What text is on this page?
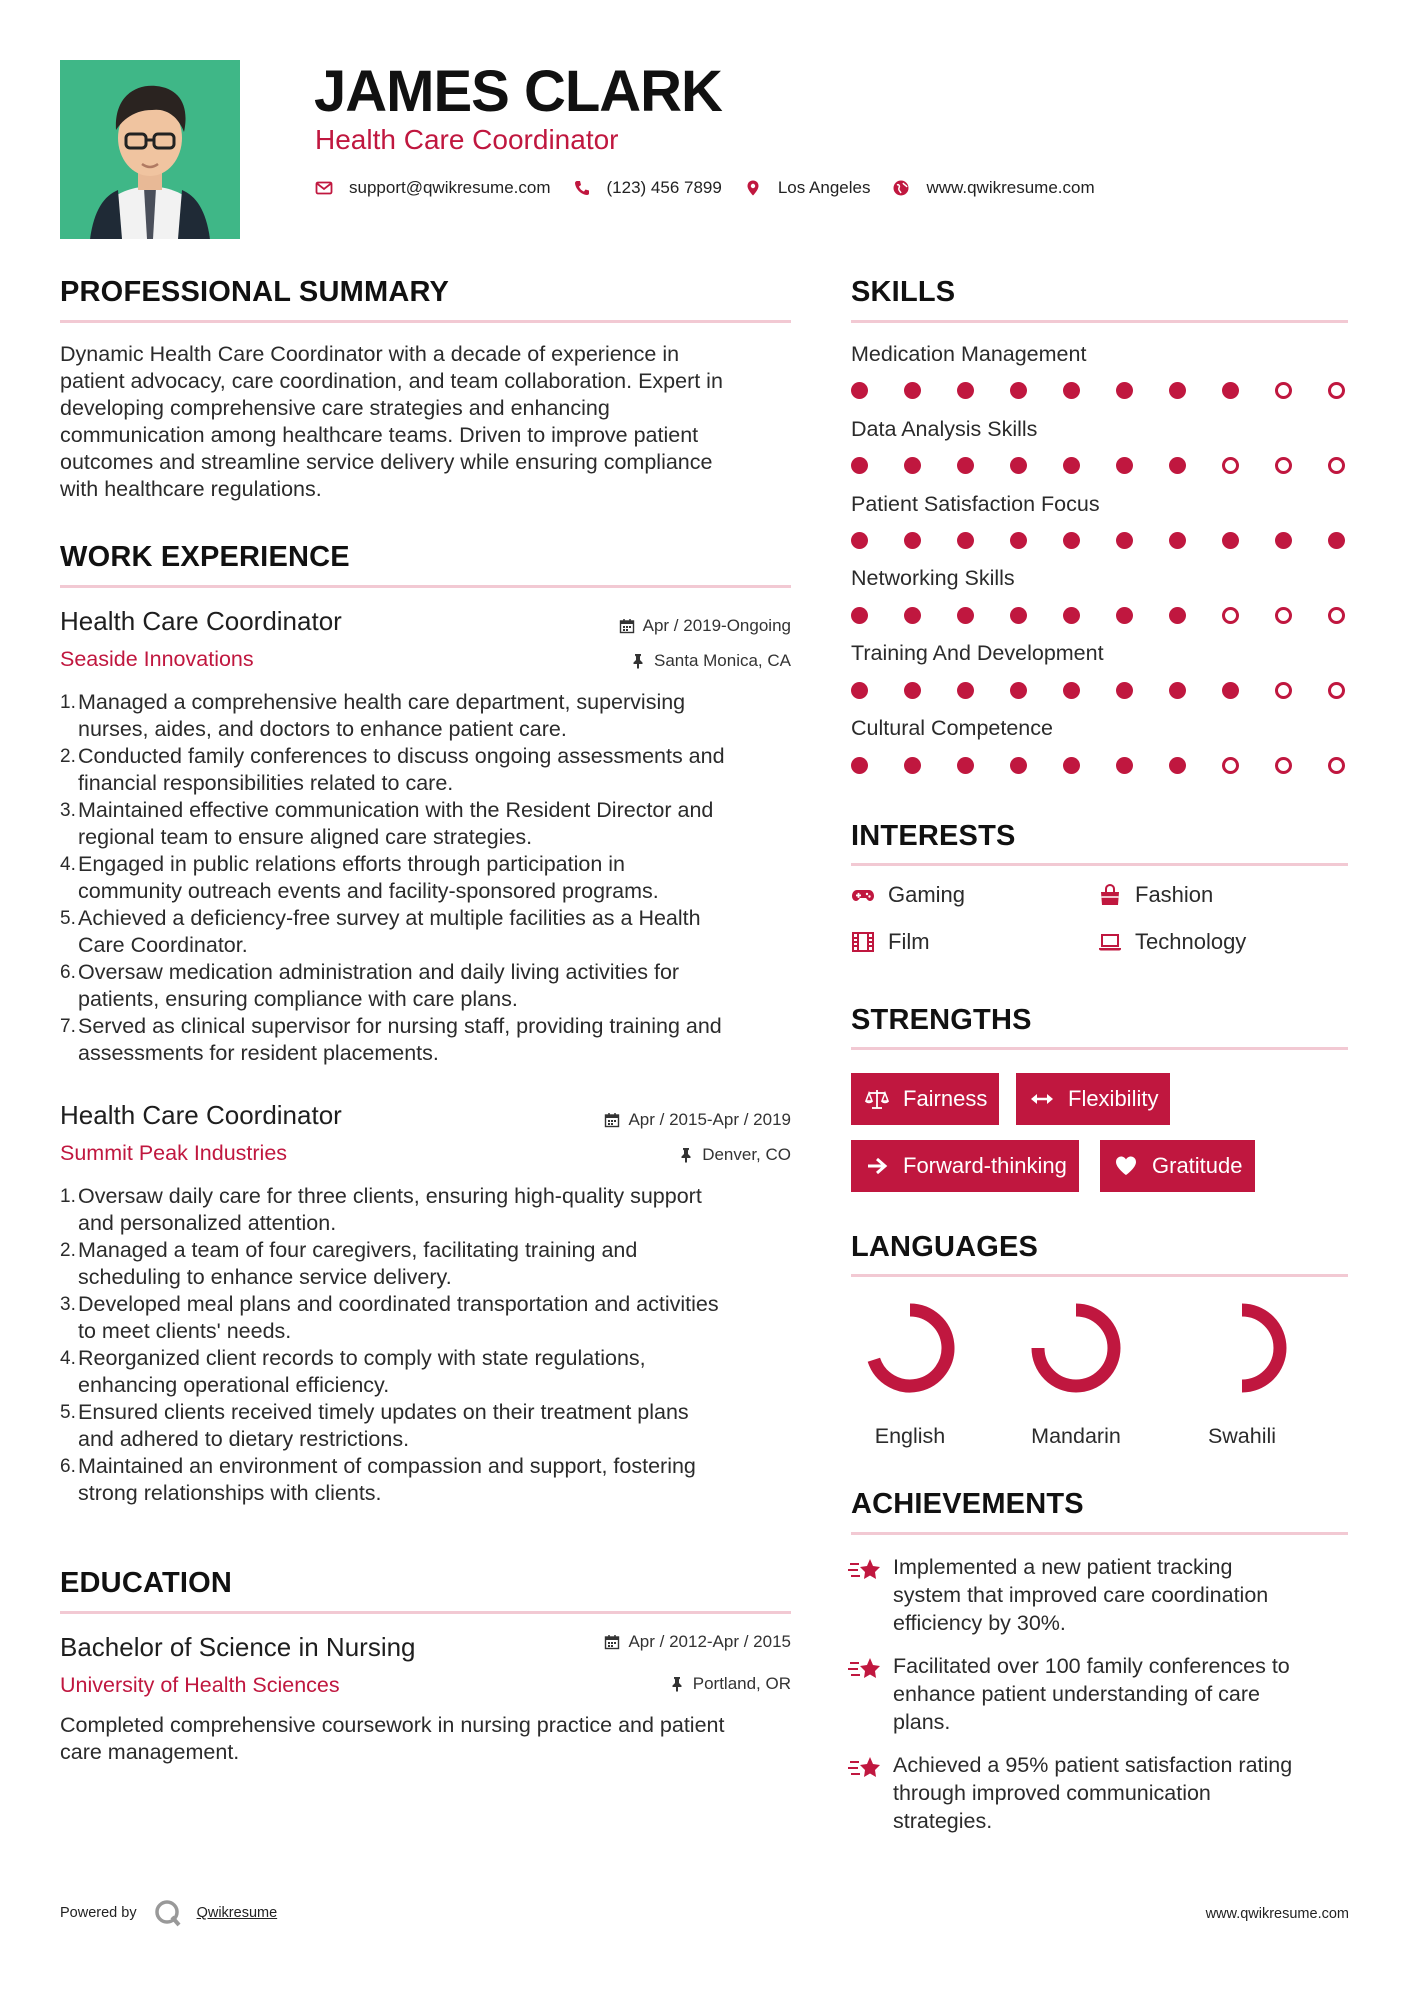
JAMES CLARK
Health Care Coordinator
support@qwikresume.com	(123) 456 7899	Los Angeles	www.qwikresume.com
PROFESSIONAL SUMMARY
Dynamic Health Care Coordinator with a decade of experience in
patient advocacy, care coordination, and team collaboration. Expert in
developing comprehensive care strategies and enhancing
communication among healthcare teams. Driven to improve patient
outcomes and streamline service delivery while ensuring compliance
with healthcare regulations.
WORK EXPERIENCE
Health Care Coordinator
Seaside Innovations
Apr / 2019-Ongoing
Santa Monica, CA
1. Managed a comprehensive health care department, supervising
nurses, aides, and doctors to enhance patient care.
2. Conducted family conferences to discuss ongoing assessments and
financial responsibilities related to care.
3. Maintained effective communication with the Resident Director and
regional team to ensure aligned care strategies.
4. Engaged in public relations efforts through participation in
community outreach events and facility-sponsored programs.
5. Achieved a deficiency-free survey at multiple facilities as a Health
Care Coordinator.
6. Oversaw medication administration and daily living activities for
patients, ensuring compliance with care plans.
7. Served as clinical supervisor for nursing staff, providing training and
assessments for resident placements.
Health Care Coordinator
Summit Peak Industries
Apr / 2015-Apr / 2019
Denver, CO
1. Oversaw daily care for three clients, ensuring high-quality support
and personalized attention.
2. Managed a team of four caregivers, facilitating training and
scheduling to enhance service delivery.
3. Developed meal plans and coordinated transportation and activities
to meet clients' needs.
4. Reorganized client records to comply with state regulations,
enhancing operational efficiency.
5. Ensured clients received timely updates on their treatment plans
and adhered to dietary restrictions.
6. Maintained an environment of compassion and support, fostering
strong relationships with clients.
EDUCATION
Bachelor of Science in Nursing
University of Health Sciences
Apr / 2012-Apr / 2015
Portland, OR
Completed comprehensive coursework in nursing practice and patient
care management.
SKILLS
Medication Management
Data Analysis Skills
Patient Satisfaction Focus
Networking Skills
Training And Development
Cultural Competence
INTERESTS
Gaming	Fashion
Film	Technology
STRENGTHS
Fairness	Flexibility
Forward-thinking	Gratitude
LANGUAGES
English	Mandarin	Swahili
ACHIEVEMENTS
Implemented a new patient tracking
system that improved care coordination
efficiency by 30%.
Facilitated over 100 family conferences to
enhance patient understanding of care
plans.
Achieved a 95% patient satisfaction rating
through improved communication
strategies.
Powered by	Qwikresume	www.qwikresume.com
